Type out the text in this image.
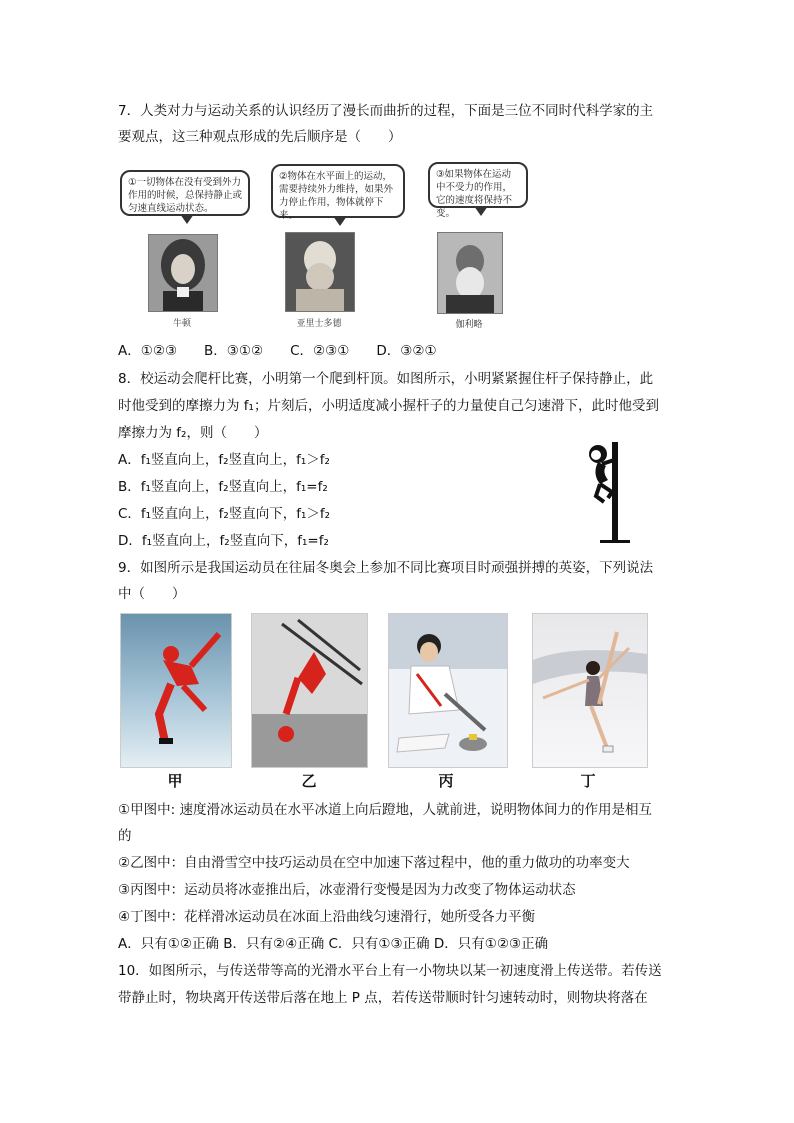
7．人类对力与运动关系的认识经历了漫长而曲折的过程，下面是三位不同时代科学家的主
要观点，这三种观点形成的先后顺序是（　　）
①一切物体在没有受到外力作用的时候，总保持静止或匀速直线运动状态。
②物体在水平面上的运动，需要持续外力维持，如果外力停止作用，物体就停下来。
③如果物体在运动中不受力的作用，它的速度将保持不变。
牛顿	亚里士多德	伽利略
A．①②③　　B．③①②　　C．②③①　　D．③②①
8．校运动会爬杆比赛，小明第一个爬到杆顶。如图所示，小明紧紧握住杆子保持静止，此
时他受到的摩擦力为 f₁；片刻后，小明适度减小握杆子的力量使自己匀速滑下，此时他受到
摩擦力为 f₂，则（　　）
A．f₁竖直向上，f₂竖直向上，f₁＞f₂
B．f₁竖直向上，f₂竖直向上，f₁=f₂
C．f₁竖直向上，f₂竖直向下，f₁＞f₂
D．f₁竖直向上，f₂竖直向下，f₁=f₂
9．如图所示是我国运动员在往届冬奥会上参加不同比赛项目时顽强拼搏的英姿，下列说法
中（　　）
甲	乙	丙	丁
①甲图中: 速度滑冰运动员在水平冰道上向后蹬地，人就前进，说明物体间力的作用是相互
的
②乙图中：自由滑雪空中技巧运动员在空中加速下落过程中，他的重力做功的功率变大
③丙图中：运动员将冰壶推出后，冰壶滑行变慢是因为力改变了物体运动状态
④丁图中：花样滑冰运动员在冰面上沿曲线匀速滑行，她所受各力平衡
A．只有①②正确 B．只有②④正确 C．只有①③正确 D．只有①②③正确
10．如图所示，与传送带等高的光滑水平台上有一小物块以某一初速度滑上传送带。若传送
带静止时，物块离开传送带后落在地上 P 点，若传送带顺时针匀速转动时，则物块将落在
